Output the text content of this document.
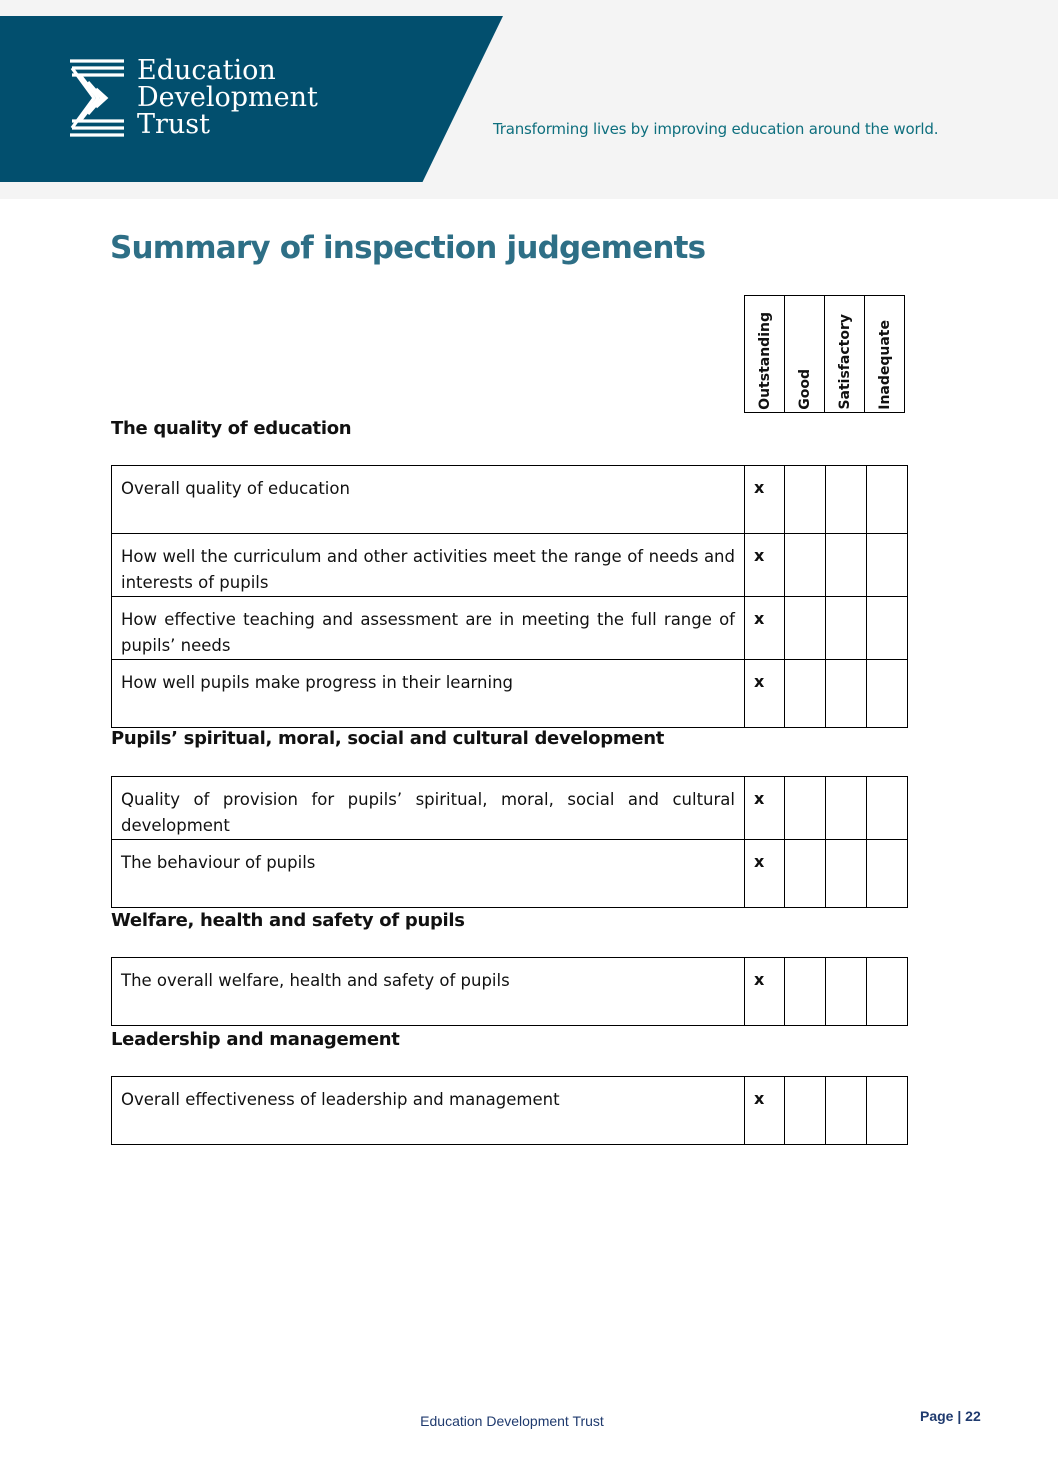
Education
Development
Trust	Transforming lives by improving education around the world.
Summary of inspection judgements
Outstanding Good Satisfactory Inadequate
The quality of education
Overall quality of education	x			
How well the curriculum and other activities meet the range of needs and interests of pupils	x			
How effective teaching and assessment are in meeting the full range of pupils’ needs	x			
How well pupils make progress in their learning	x			
Pupils’ spiritual, moral, social and cultural development
Quality of provision for pupils’ spiritual, moral, social and cultural development	x			
The behaviour of pupils	x			
Welfare, health and safety of pupils
The overall welfare, health and safety of pupils	x			
Leadership and management
Overall effectiveness of leadership and management	x			
Education Development Trust	Page | 22
